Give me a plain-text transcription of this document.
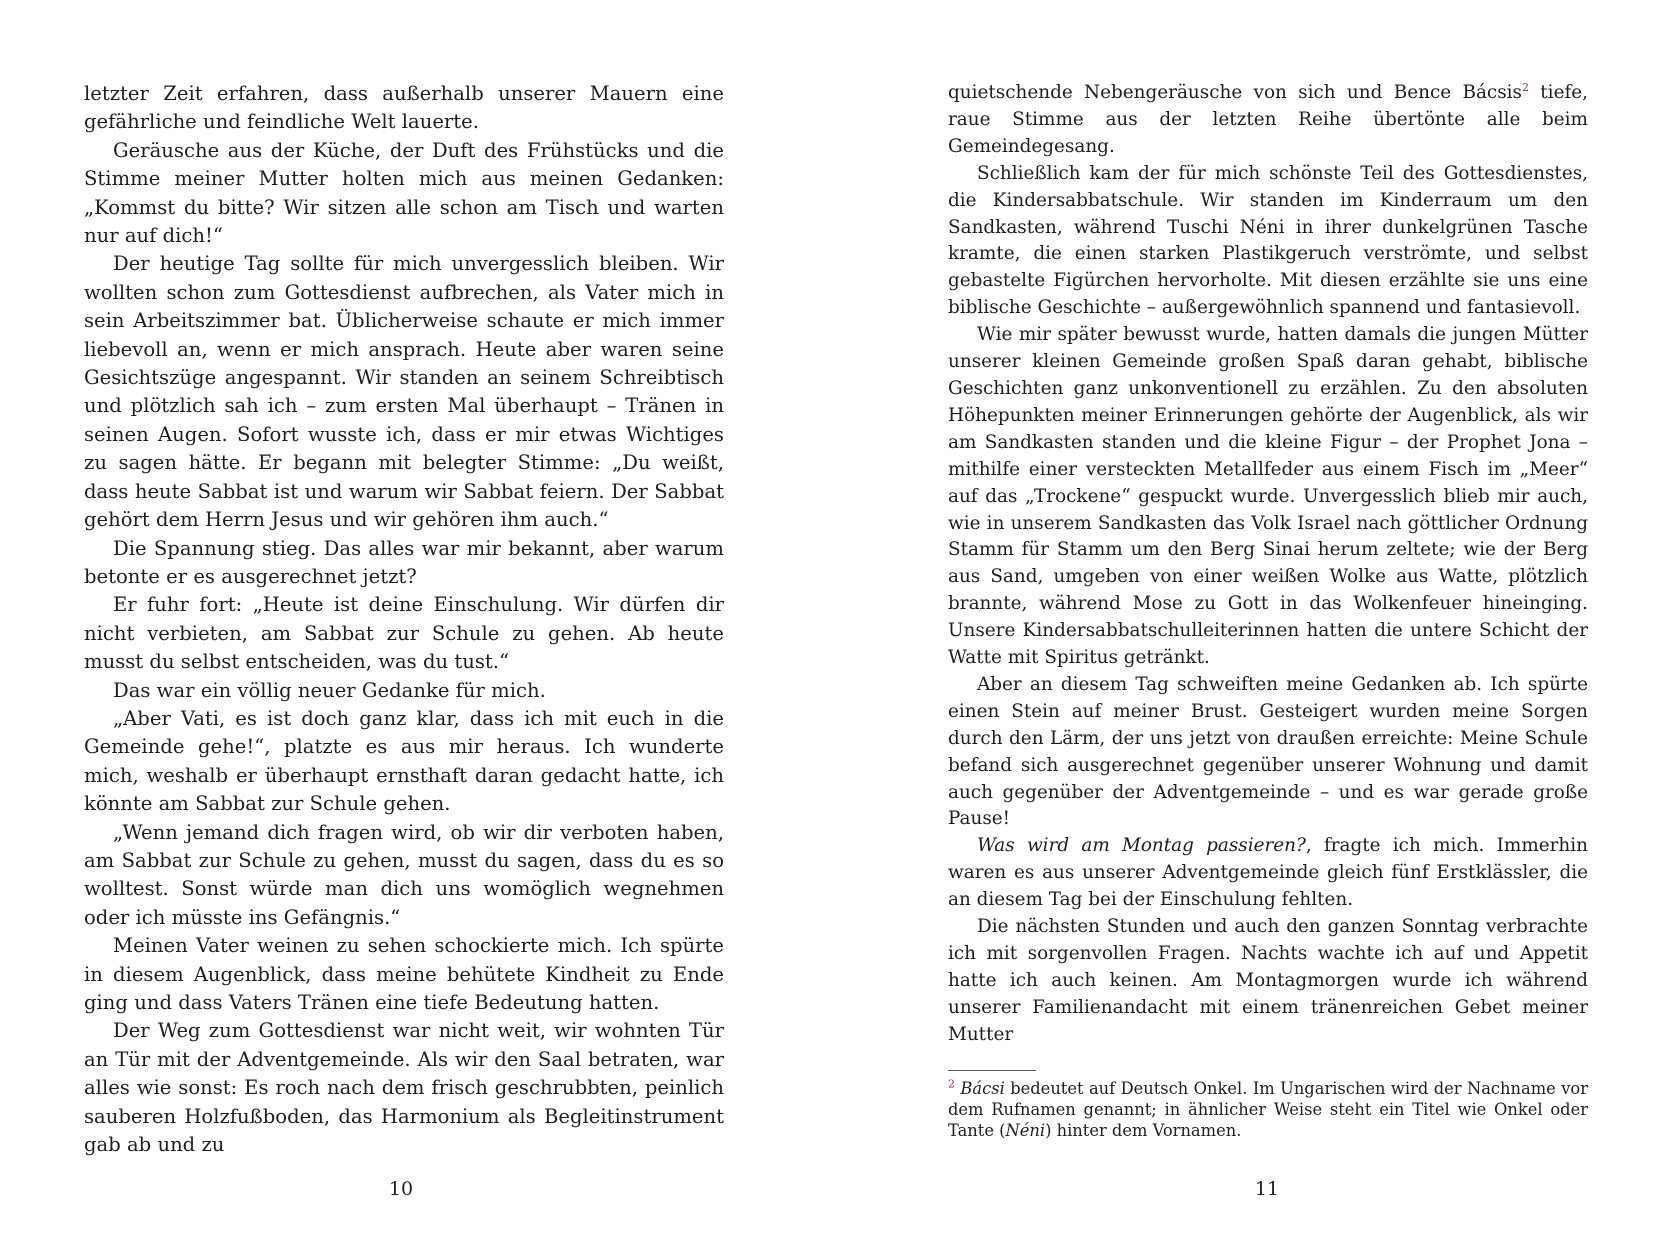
letzter Zeit erfahren, dass außerhalb unserer Mauern eine gefährliche und feindliche Welt lauerte.

Geräusche aus der Küche, der Duft des Frühstücks und die Stimme meiner Mutter holten mich aus meinen Gedanken: „Kommst du bitte? Wir sitzen alle schon am Tisch und warten nur auf dich!“

Der heutige Tag sollte für mich unvergesslich bleiben. Wir wollten schon zum Gottesdienst aufbrechen, als Vater mich in sein Arbeitszimmer bat. Üblicherweise schaute er mich immer liebevoll an, wenn er mich ansprach. Heute aber waren seine Gesichtszüge angespannt. Wir standen an seinem Schreibtisch und plötzlich sah ich – zum ersten Mal überhaupt – Tränen in seinen Augen. Sofort wusste ich, dass er mir etwas Wichtiges zu sagen hätte. Er begann mit belegter Stimme: „Du weißt, dass heute Sabbat ist und warum wir Sabbat feiern. Der Sabbat gehört dem Herrn Jesus und wir gehören ihm auch.“

Die Spannung stieg. Das alles war mir bekannt, aber warum betonte er es ausgerechnet jetzt?

Er fuhr fort: „Heute ist deine Einschulung. Wir dürfen dir nicht verbieten, am Sabbat zur Schule zu gehen. Ab heute musst du selbst entscheiden, was du tust.“

Das war ein völlig neuer Gedanke für mich.

„Aber Vati, es ist doch ganz klar, dass ich mit euch in die Gemeinde gehe!“, platzte es aus mir heraus. Ich wunderte mich, weshalb er überhaupt ernsthaft daran gedacht hatte, ich könnte am Sabbat zur Schule gehen.

„Wenn jemand dich fragen wird, ob wir dir verboten haben, am Sabbat zur Schule zu gehen, musst du sagen, dass du es so wolltest. Sonst würde man dich uns womöglich wegnehmen oder ich müsste ins Gefängnis.“

Meinen Vater weinen zu sehen schockierte mich. Ich spürte in diesem Augenblick, dass meine behütete Kindheit zu Ende ging und dass Vaters Tränen eine tiefe Bedeutung hatten.

Der Weg zum Gottesdienst war nicht weit, wir wohnten Tür an Tür mit der Adventgemeinde. Als wir den Saal betraten, war alles wie sonst: Es roch nach dem frisch geschrubbten, peinlich sauberen Holzfußboden, das Harmonium als Begleitinstrument gab ab und zu

quietschende Nebengeräusche von sich und Bence Bácsis$^2$ tiefe, raue Stimme aus der letzten Reihe übertönte alle beim Gemeindegesang.

Schließlich kam der für mich schönste Teil des Gottesdienstes, die Kindersabbatschule. Wir standen im Kinderraum um den Sandkasten, während Tuschi Néni in ihrer dunkelgrünen Tasche kramte, die einen starken Plastikgeruch verströmte, und selbst gebastelte Figürchen hervorholte. Mit diesen erzählte sie uns eine biblische Geschichte – außergewöhnlich spannend und fantasievoll.

Wie mir später bewusst wurde, hatten damals die jungen Mütter unserer kleinen Gemeinde großen Spaß daran gehabt, biblische Geschichten ganz unkonventionell zu erzählen. Zu den absoluten Höhepunkten meiner Erinnerungen gehörte der Augenblick, als wir am Sandkasten standen und die kleine Figur – der Prophet Jona – mithilfe einer versteckten Metallfeder aus einem Fisch im „Meer“ auf das „Trockene“ gespuckt wurde. Unvergesslich blieb mir auch, wie in unserem Sandkasten das Volk Israel nach göttlicher Ordnung Stamm für Stamm um den Berg Sinai herum zeltete; wie der Berg aus Sand, umgeben von einer weißen Wolke aus Watte, plötzlich brannte, während Mose zu Gott in das Wolkenfeuer hineinging. Unsere Kindersabbatschulleiterinnen hatten die untere Schicht der Watte mit Spiritus getränkt.

Aber an diesem Tag schweiften meine Gedanken ab. Ich spürte einen Stein auf meiner Brust. Gesteigert wurden meine Sorgen durch den Lärm, der uns jetzt von draußen erreichte: Meine Schule befand sich ausgerechnet gegenüber unserer Wohnung und damit auch gegenüber der Adventgemeinde – und es war gerade große Pause!

Was wird am Montag passieren?, fragte ich mich. Immerhin waren es aus unserer Adventgemeinde gleich fünf Erstklässler, die an diesem Tag bei der Einschulung fehlten.

Die nächsten Stunden und auch den ganzen Sonntag verbrachte ich mit sorgenvollen Fragen. Nachts wachte ich auf und Appetit hatte ich auch keinen. Am Montagmorgen wurde ich während unserer Familienandacht mit einem tränenreichen Gebet meiner Mutter

$^2$ Bácsi bedeutet auf Deutsch Onkel. Im Ungarischen wird der Nachname vor dem Rufnamen genannt; in ähnlicher Weise steht ein Titel wie Onkel oder Tante (Néni) hinter dem Vornamen.

10	11
